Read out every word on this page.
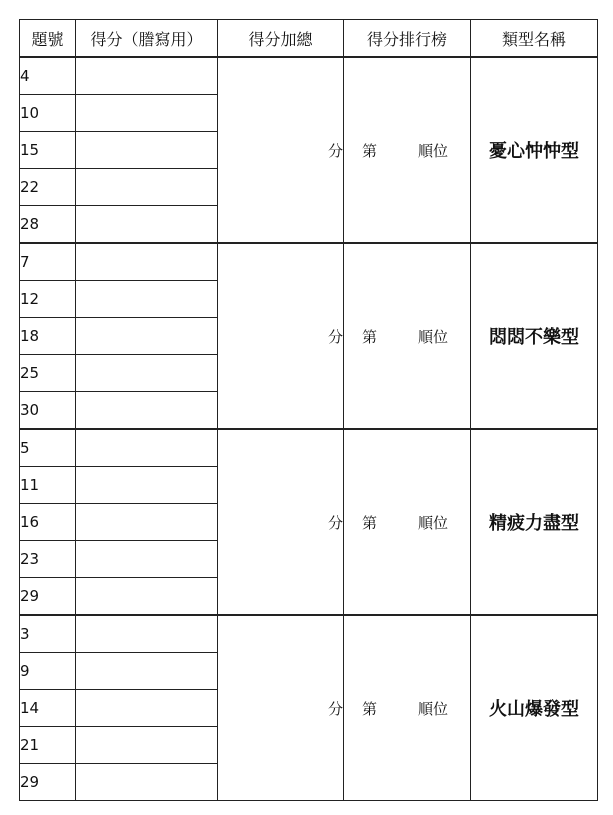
題號	得分（謄寫用）	得分加總	得分排行榜	類型名稱
4		分	第 順位	憂心忡忡型
10				
15				
22				
28				
7		分	第 順位	悶悶不樂型
12				
18				
25				
30				
5		分	第 順位	精疲力盡型
11				
16				
23				
29				
3		分	第 順位	火山爆發型
9				
14				
21				
29				
